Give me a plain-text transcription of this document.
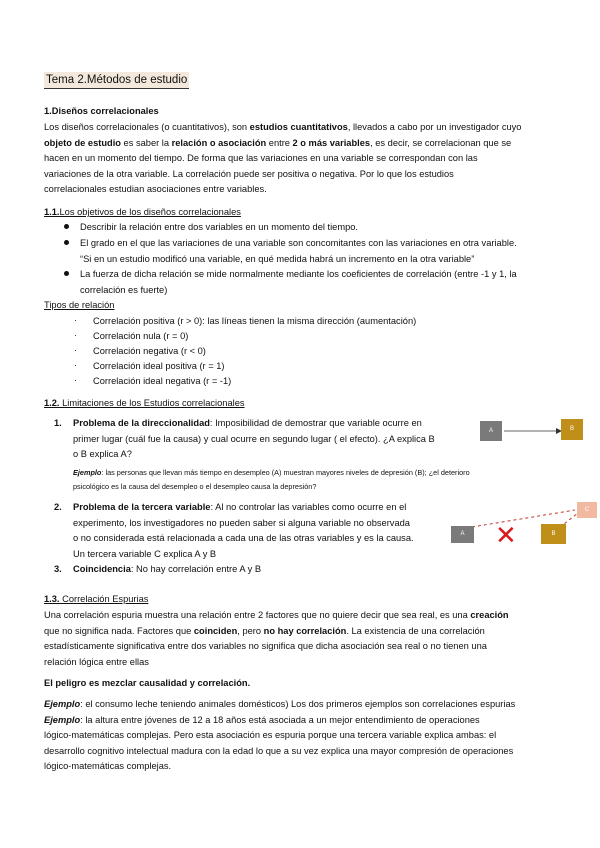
Tema 2.Métodos de estudio
1.Diseños correlacionales
Los diseños correlacionales (o cuantitativos), son estudios cuantitativos, llevados a cabo por un investigador cuyo
objeto de estudio es saber la relación o asociación entre 2 o más variables, es decir, se correlacionan que se
hacen en un momento del tiempo. De forma que las variaciones en una variable se correspondan con las
variaciones de la otra variable. La correlación puede ser positiva o negativa. Por lo que los estudios
correlacionales estudian asociaciones entre variables.
1.1.Los objetivos de los diseños correlacionales
Describir la relación entre dos variables en un momento del tiempo.
El grado en el que las variaciones de una variable son concomitantes con las variaciones en otra variable.
“Si en un estudio modificó una variable, en qué medida habrá un incremento en la otra variable”
La fuerza de dicha relación se mide normalmente mediante los coeficientes de correlación (entre -1 y 1, la
correlación es fuerte)
Tipos de relación
· Correlación positiva (r > 0): las líneas tienen la misma dirección (aumentación)
· Correlación nula (r = 0)
· Correlación negativa (r < 0)
· Correlación ideal positiva (r = 1)
· Correlación ideal negativa (r = -1)
1.2. Limitaciones de los Estudios correlacionales
1. Problema de la direccionalidad: Imposibilidad de demostrar que variable ocurre en
primer lugar (cuál fue la causa) y cual ocurre en segundo lugar ( el efecto). ¿A explica B
o B explica A?
Ejemplo: las personas que llevan más tiempo en desempleo (A) muestran mayores niveles de depresión (B); ¿el deterioro
psicológico es la causa del desempleo o el desempleo causa la depresión?
A	B
2. Problema de la tercera variable: Al no controlar las variables como ocurre en el
experimento, los investigadores no pueden saber si alguna variable no observada
o no considerada está relacionada a cada una de las otras variables y es la causa.
Un tercera variable C explica A y B
C
A	✕	B
3. Coincidencia: No hay correlación entre A y B
1.3. Correlación Espurias
Una correlación espuria muestra una relación entre 2 factores que no quiere decir que sea real, es una creación
que no significa nada. Factores que coinciden, pero no hay correlación. La existencia de una correlación
estadísticamente significativa entre dos variables no significa que dicha asociación sea real o no tienen una
relación lógica entre ellas
El peligro es mezclar causalidad y correlación.
Ejemplo: el consumo leche teniendo animales domésticos) Los dos primeros ejemplos son correlaciones espurias
Ejemplo: la altura entre jóvenes de 12 a 18 años está asociada a un mejor entendimiento de operaciones
lógico-matemáticas complejas. Pero esta asociación es espuria porque una tercera variable explica ambas: el
desarrollo cognitivo intelectual madura con la edad lo que a su vez explica una mayor compresión de operaciones
lógico-matemáticas complejas.
